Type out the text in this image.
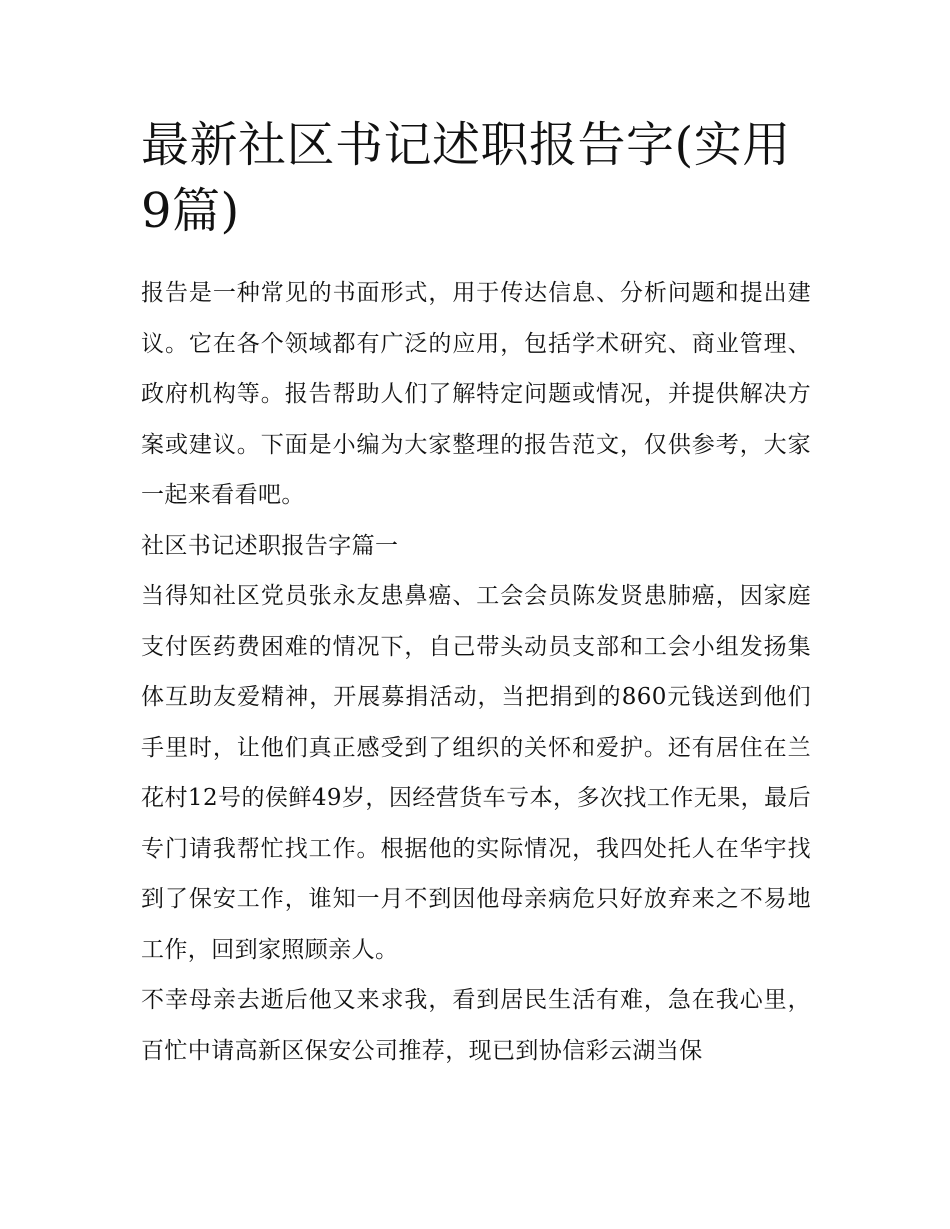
最新社区书记述职报告字(实用9篇)

报告是一种常见的书面形式，用于传达信息、分析问题和提出建议。它在各个领域都有广泛的应用，包括学术研究、商业管理、政府机构等。报告帮助人们了解特定问题或情况，并提供解决方案或建议。下面是小编为大家整理的报告范文，仅供参考，大家一起来看看吧。

社区书记述职报告字篇一

当得知社区党员张永友患鼻癌、工会会员陈发贤患肺癌，因家庭支付医药费困难的情况下，自己带头动员支部和工会小组发扬集体互助友爱精神，开展募捐活动，当把捐到的860元钱送到他们手里时，让他们真正感受到了组织的关怀和爱护。还有居住在兰花村12号的侯鲜49岁，因经营货车亏本，多次找工作无果，最后专门请我帮忙找工作。根据他的实际情况，我四处托人在华宇找到了保安工作，谁知一月不到因他母亲病危只好放弃来之不易地工作，回到家照顾亲人。

不幸母亲去逝后他又来求我，看到居民生活有难，急在我心里，百忙中请高新区保安公司推荐，现已到协信彩云湖当保
